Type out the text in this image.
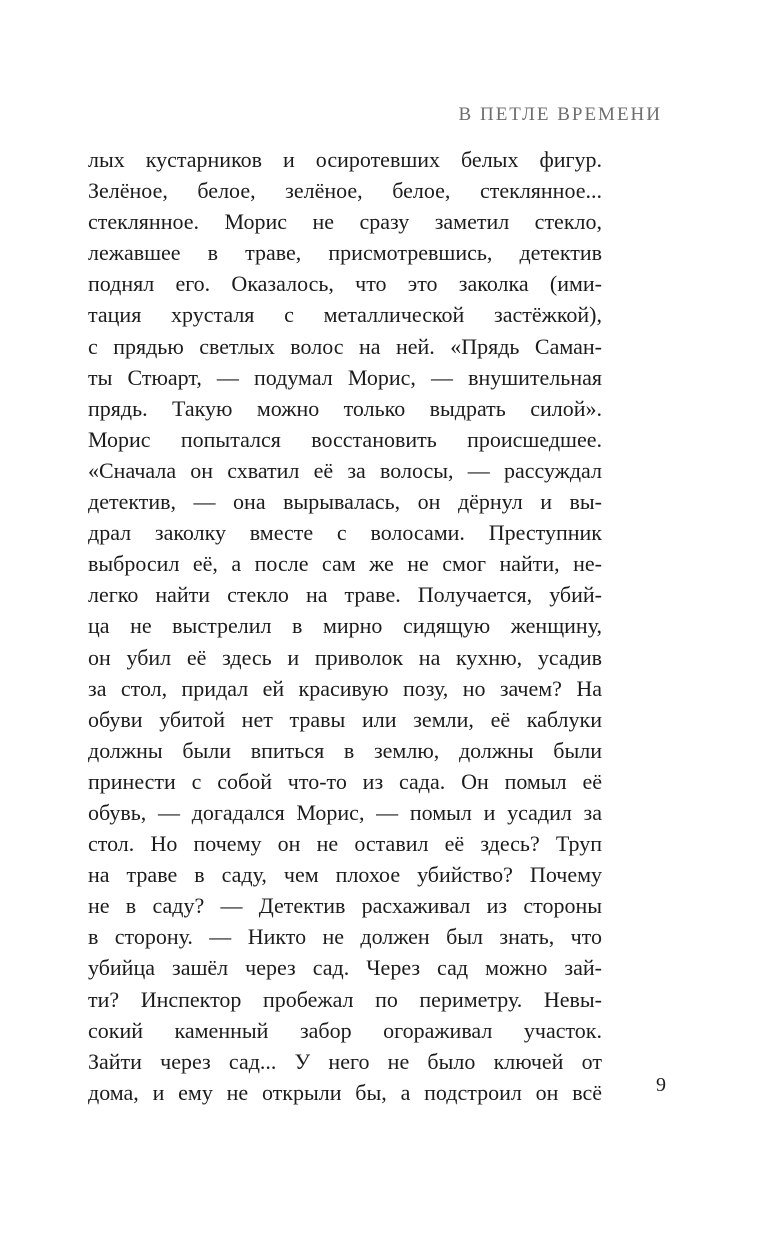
В ПЕТЛЕ ВРЕМЕНИ
лых кустарников и осиротевших белых фигур.
Зелёное, белое, зелёное, белое, стеклянное...
стеклянное. Морис не сразу заметил стекло,
лежавшее в траве, присмотревшись, детектив
поднял его. Оказалось, что это заколка (ими-
тация хрусталя с металлической застёжкой),
с прядью светлых волос на ней. «Прядь Саман-
ты Стюарт, — подумал Морис, — внушительная
прядь. Такую можно только выдрать силой».
Морис попытался восстановить происшедшее.
«Сначала он схватил её за волосы, — рассуждал
детектив, — она вырывалась, он дёрнул и вы-
драл заколку вместе с волосами. Преступник
выбросил её, а после сам же не смог найти, не-
легко найти стекло на траве. Получается, убий-
ца не выстрелил в мирно сидящую женщину,
он убил её здесь и приволок на кухню, усадив
за стол, придал ей красивую позу, но зачем? На
обуви убитой нет травы или земли, её каблуки
должны были впиться в землю, должны были
принести с собой что-то из сада. Он помыл её
обувь, — догадался Морис, — помыл и усадил за
стол. Но почему он не оставил её здесь? Труп
на траве в саду, чем плохое убийство? Почему
не в саду? — Детектив расхаживал из стороны
в сторону. — Никто не должен был знать, что
убийца зашёл через сад. Через сад можно зай-
ти? Инспектор пробежал по периметру. Невы-
сокий каменный забор огораживал участок.
Зайти через сад... У него не было ключей от
дома, и ему не открыли бы, а подстроил он всё	9
